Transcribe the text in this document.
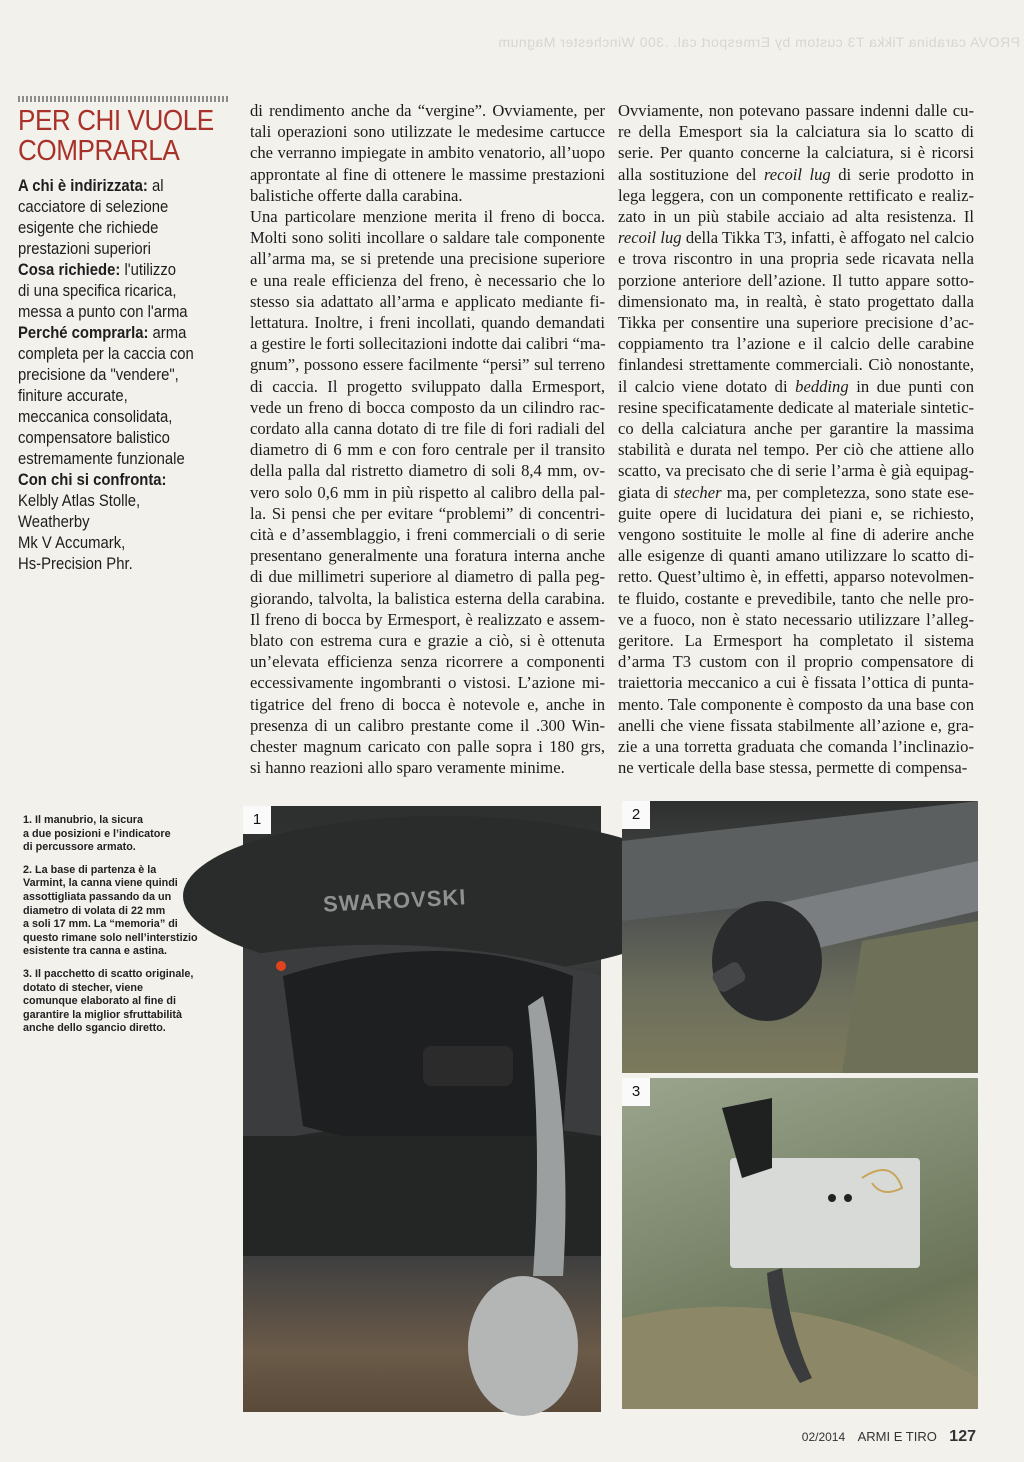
PROVA carabina Tikka T3 custom by Ermesport cal. .300 Winchester Magnum
PER CHI VUOLE
COMPRARLA

A chi è indirizzata: al
cacciatore di selezione
esigente che richiede
prestazioni superiori

Cosa richiede: l'utilizzo
di una specifica ricarica,
messa a punto con l'arma

Perché comprarla: arma
completa per la caccia con
precisione da "vendere",
finiture accurate,
meccanica consolidata,
compensatore balistico
estremamente funzionale

Con chi si confronta:
Kelbly Atlas Stolle,
Weatherby
Mk V Accumark,
Hs-Precision Phr.

di rendimento anche da “vergine”. Ovviamente, per
tali operazioni sono utilizzate le medesime cartucce
che verranno impiegate in ambito venatorio, all’uopo
approntate al fine di ottenere le massime prestazioni
balistiche offerte dalla carabina.
Una particolare menzione merita il freno di bocca.
Molti sono soliti incollare o saldare tale componente
all’arma ma, se si pretende una precisione superiore
e una reale efficienza del freno, è necessario che lo
stesso sia adattato all’arma e applicato mediante fi-
lettatura. Inoltre, i freni incollati, quando demandati
a gestire le forti sollecitazioni indotte dai calibri “ma-
gnum”, possono essere facilmente “persi” sul terreno
di caccia. Il progetto sviluppato dalla Ermesport,
vede un freno di bocca composto da un cilindro rac-
cordato alla canna dotato di tre file di fori radiali del
diametro di 6 mm e con foro centrale per il transito
della palla dal ristretto diametro di soli 8,4 mm, ov-
vero solo 0,6 mm in più rispetto al calibro della pal-
la. Si pensi che per evitare “problemi” di concentri-
cità e d’assemblaggio, i freni commerciali o di serie
presentano generalmente una foratura interna anche
di due millimetri superiore al diametro di palla peg-
giorando, talvolta, la balistica esterna della carabina.
Il freno di bocca by Ermesport, è realizzato e assem-
blato con estrema cura e grazie a ciò, si è ottenuta
un’elevata efficienza senza ricorrere a componenti
eccessivamente ingombranti o vistosi. L’azione mi-
tigatrice del freno di bocca è notevole e, anche in
presenza di un calibro prestante come il .300 Win-
chester magnum caricato con palle sopra i 180 grs,
si hanno reazioni allo sparo veramente minime.
Ovviamente, non potevano passare indenni dalle cu-
re della Emesport sia la calciatura sia lo scatto di
serie. Per quanto concerne la calciatura, si è ricorsi
alla sostituzione del recoil lug di serie prodotto in
lega leggera, con un componente rettificato e realiz-
zato in un più stabile acciaio ad alta resistenza. Il
recoil lug della Tikka T3, infatti, è affogato nel calcio
e trova riscontro in una propria sede ricavata nella
porzione anteriore dell’azione. Il tutto appare sotto-
dimensionato ma, in realtà, è stato progettato dalla
Tikka per consentire una superiore precisione d’ac-
coppiamento tra l’azione e il calcio delle carabine
finlandesi strettamente commerciali. Ciò nonostante,
il calcio viene dotato di bedding in due punti con
resine specificatamente dedicate al materiale sintetic-
co della calciatura anche per garantire la massima
stabilità e durata nel tempo. Per ciò che attiene allo
scatto, va precisato che di serie l’arma è già equipag-
giata di stecher ma, per completezza, sono state ese-
guite opere di lucidatura dei piani e, se richiesto,
vengono sostituite le molle al fine di aderire anche
alle esigenze di quanti amano utilizzare lo scatto di-
retto. Quest’ultimo è, in effetti, apparso notevolmen-
te fluido, costante e prevedibile, tanto che nelle pro-
ve a fuoco, non è stato necessario utilizzare l’alleg-
geritore. La Ermesport ha completato il sistema
d’arma T3 custom con il proprio compensatore di
traiettoria meccanico a cui è fissata l’ottica di punta-
mento. Tale componente è composto da una base con
anelli che viene fissata stabilmente all’azione e, gra-
zie a una torretta graduata che comanda l’inclinazio-
ne verticale della base stessa, permette di compensa-

1. Il manubrio, la sicura
a due posizioni e l’indicatore
di percussore armato.

2. La base di partenza è la
Varmint, la canna viene quindi
assottigliata passando da un
diametro di volata di 22 mm
a soli 17 mm. La “memoria” di
questo rimane solo nell’interstizio
esistente tra canna e astina.

3. Il pacchetto di scatto originale,
dotato di stecher, viene
comunque elaborato al fine di
garantire la miglior sfruttabilità
anche dello sgancio diretto.

1
SWAROVSKI
2
3
02/2014 ARMI E TIRO 127
